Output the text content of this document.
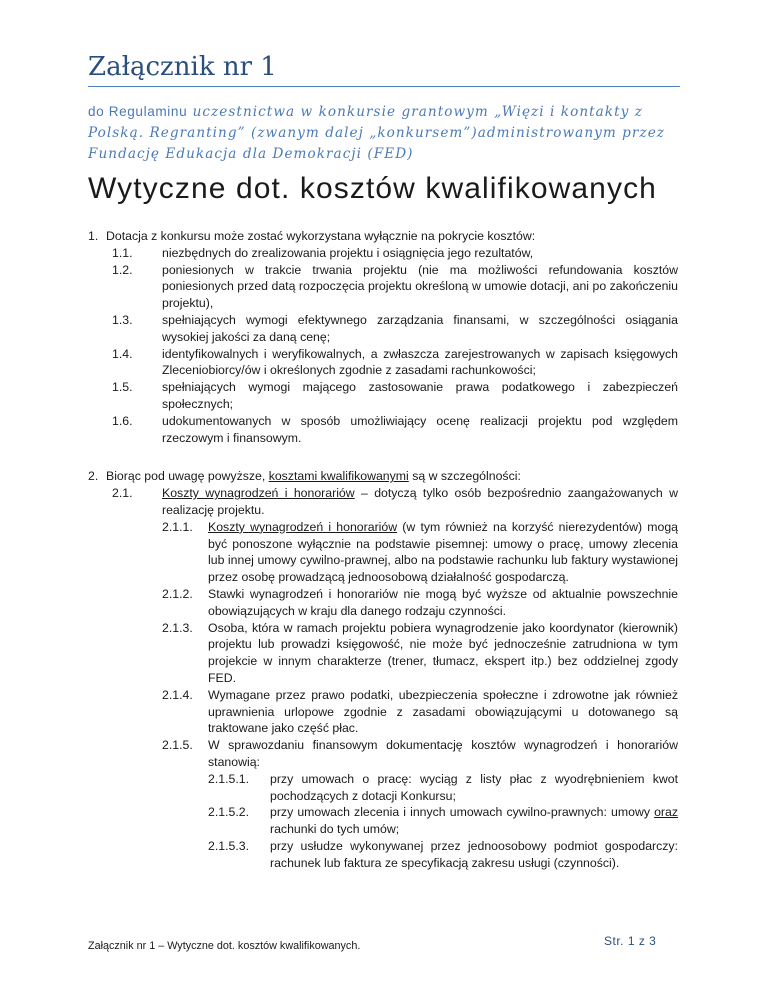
Załącznik nr 1
do Regulaminu uczestnictwa w konkursie grantowym „Więzi i kontakty z Polską. Regranting” (zwanym dalej „konkursem”)administrowanym przez Fundację Edukacja dla Demokracji (FED)
Wytyczne dot. kosztów kwalifikowanych
1. Dotacja z konkursu może zostać wykorzystana wyłącznie na pokrycie kosztów:
1.1. niezbędnych do zrealizowania projektu i osiągnięcia jego rezultatów,
1.2. poniesionych w trakcie trwania projektu (nie ma możliwości refundowania kosztów poniesionych przed datą rozpoczęcia projektu określoną w umowie dotacji, ani po zakończeniu projektu),
1.3. spełniających wymogi efektywnego zarządzania finansami, w szczególności osiągania wysokiej jakości za daną cenę;
1.4. identyfikowalnych i weryfikowalnych, a zwłaszcza zarejestrowanych w zapisach księgowych Zleceniobiorcy/ów i określonych zgodnie z zasadami rachunkowości;
1.5. spełniających wymogi mającego zastosowanie prawa podatkowego i zabezpieczeń społecznych;
1.6. udokumentowanych w sposób umożliwiający ocenę realizacji projektu pod względem rzeczowym i finansowym.
2. Biorąc pod uwagę powyższe, kosztami kwalifikowanymi są w szczególności:
2.1. Koszty wynagrodzeń i honorariów – dotyczą tylko osób bezpośrednio zaangażowanych w realizację projektu.
2.1.1. Koszty wynagrodzeń i honorariów (w tym również na korzyść nierezydentów) mogą być ponoszone wyłącznie na podstawie pisemnej: umowy o pracę, umowy zlecenia lub innej umowy cywilno-prawnej, albo na podstawie rachunku lub faktury wystawionej przez osobę prowadzącą jednoosobową działalność gospodarczą.
2.1.2. Stawki wynagrodzeń i honorariów nie mogą być wyższe od aktualnie powszechnie obowiązujących w kraju dla danego rodzaju czynności.
2.1.3. Osoba, która w ramach projektu pobiera wynagrodzenie jako koordynator (kierownik) projektu lub prowadzi księgowość, nie może być jednocześnie zatrudniona w tym projekcie w innym charakterze (trener, tłumacz, ekspert itp.) bez oddzielnej zgody FED.
2.1.4. Wymagane przez prawo podatki, ubezpieczenia społeczne i zdrowotne jak również uprawnienia urlopowe zgodnie z zasadami obowiązującymi u dotowanego są traktowane jako część płac.
2.1.5. W sprawozdaniu finansowym dokumentację kosztów wynagrodzeń i honorariów stanowią:
2.1.5.1. przy umowach o pracę: wyciąg z listy płac z wyodrębnieniem kwot pochodzących z dotacji Konkursu;
2.1.5.2. przy umowach zlecenia i innych umowach cywilno-prawnych: umowy oraz rachunki do tych umów;
2.1.5.3. przy usłudze wykonywanej przez jednoosobowy podmiot gospodarczy: rachunek lub faktura ze specyfikacją zakresu usługi (czynności).
Załącznik nr 1 – Wytyczne dot. kosztów kwalifikowanych.	Str. 1 z 3
